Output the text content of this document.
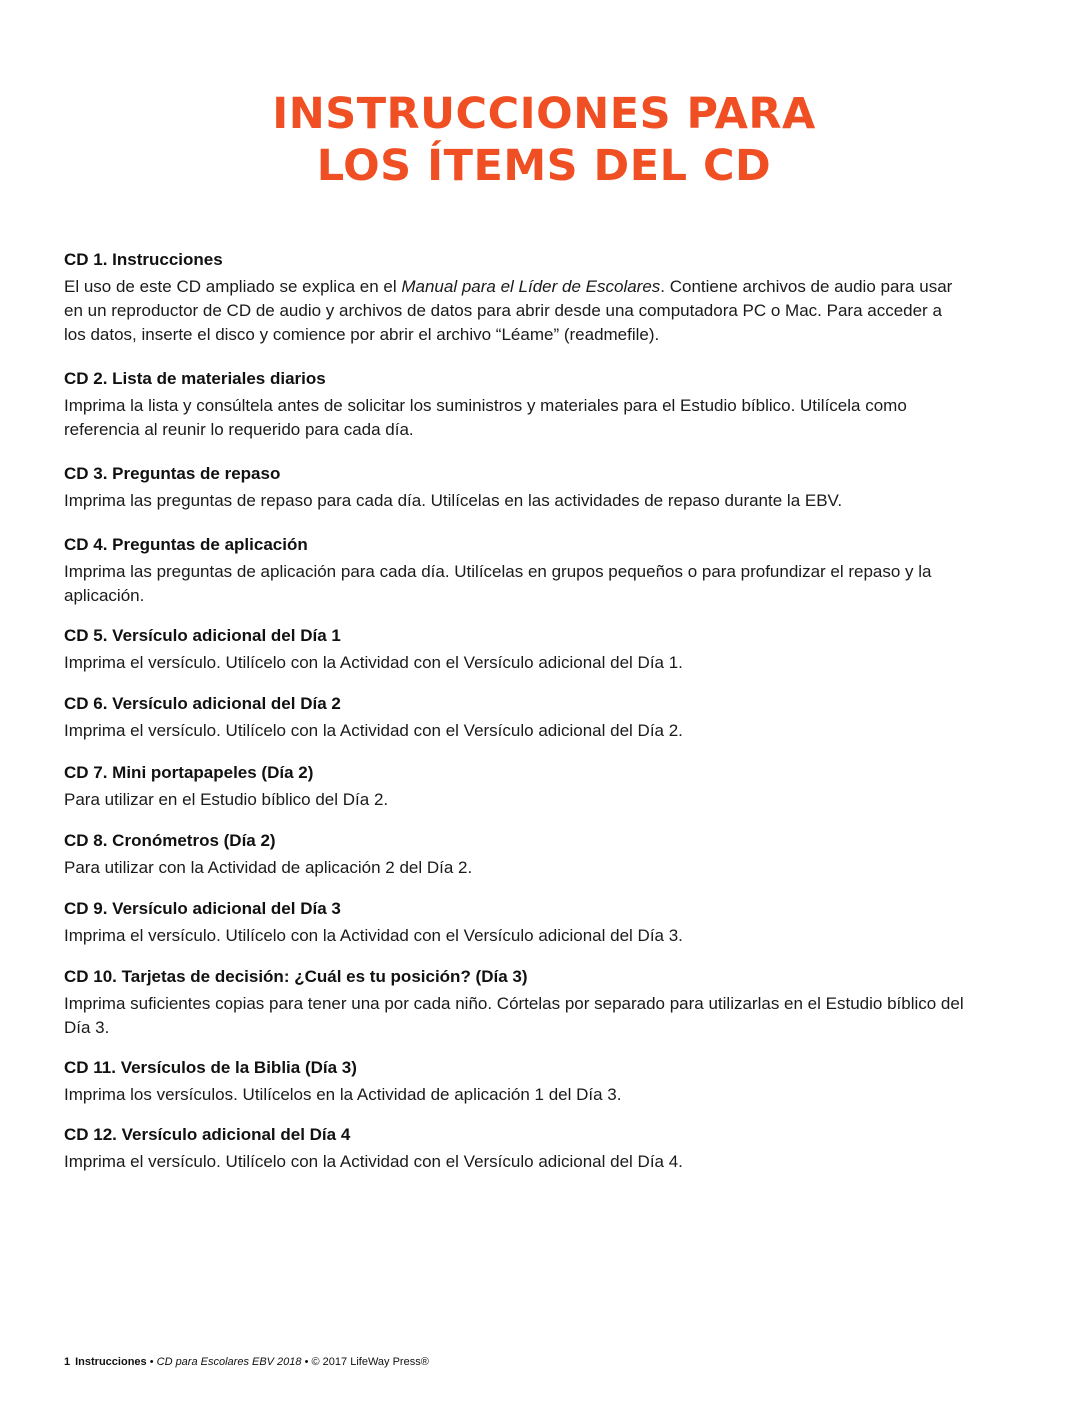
INSTRUCCIONES PARA
LOS ÍTEMS DEL CD

CD 1. Instrucciones

El uso de este CD ampliado se explica en el Manual para el Líder de Escolares. Contiene archivos de audio para usar en un reproductor de CD de audio y archivos de datos para abrir desde una computadora PC o Mac. Para acceder a los datos, inserte el disco y comience por abrir el archivo “Léame” (readmefile).

CD 2. Lista de materiales diarios

Imprima la lista y consúltela antes de solicitar los suministros y materiales para el Estudio bíblico. Utilícela como referencia al reunir lo requerido para cada día.

CD 3. Preguntas de repaso

Imprima las preguntas de repaso para cada día. Utilícelas en las actividades de repaso durante la EBV.

CD 4. Preguntas de aplicación

Imprima las preguntas de aplicación para cada día. Utilícelas en grupos pequeños o para profundizar el repaso y la aplicación.

CD 5. Versículo adicional del Día 1

Imprima el versículo. Utilícelo con la Actividad con el Versículo adicional del Día 1.

CD 6. Versículo adicional del Día 2

Imprima el versículo. Utilícelo con la Actividad con el Versículo adicional del Día 2.

CD 7. Mini portapapeles (Día 2)

Para utilizar en el Estudio bíblico del Día 2.

CD 8. Cronómetros (Día 2)

Para utilizar con la Actividad de aplicación 2 del Día 2.

CD 9. Versículo adicional del Día 3

Imprima el versículo. Utilícelo con la Actividad con el Versículo adicional del Día 3.

CD 10. Tarjetas de decisión: ¿Cuál es tu posición? (Día 3)

Imprima suficientes copias para tener una por cada niño. Córtelas por separado para utilizarlas en el Estudio bíblico del Día 3.

CD 11. Versículos de la Biblia (Día 3)

Imprima los versículos. Utilícelos en la Actividad de aplicación 1 del Día 3.

CD 12. Versículo adicional del Día 4

Imprima el versículo. Utilícelo con la Actividad con el Versículo adicional del Día 4.

1 Instrucciones • CD para Escolares EBV 2018 • © 2017 LifeWay Press®
